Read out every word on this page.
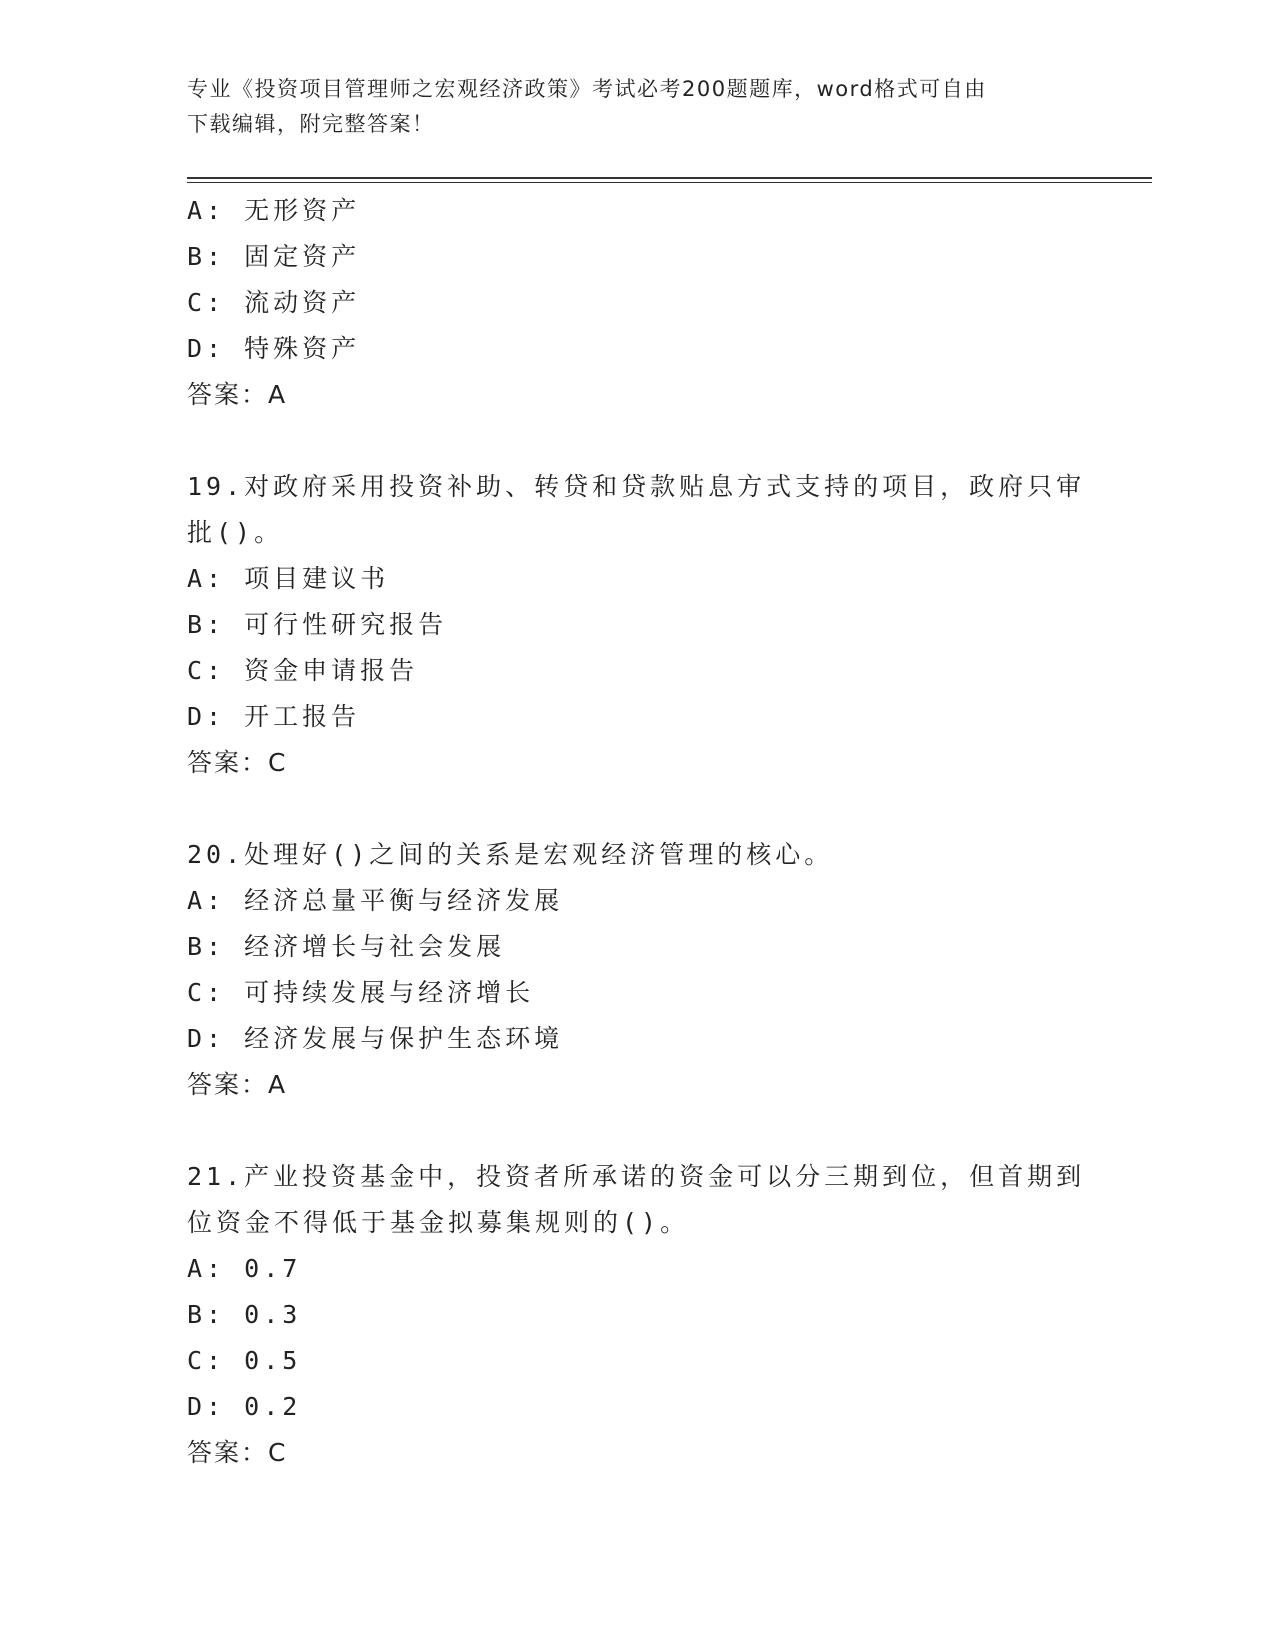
专业《投资项目管理师之宏观经济政策》考试必考200题题库，word格式可自由
下载编辑，附完整答案！
A: 无形资产
B: 固定资产
C: 流动资产
D: 特殊资产
答案：A
19.对政府采用投资补助、转贷和贷款贴息方式支持的项目，政府只审
批()。
A: 项目建议书
B: 可行性研究报告
C: 资金申请报告
D: 开工报告
答案：C
20.处理好()之间的关系是宏观经济管理的核心。
A: 经济总量平衡与经济发展
B: 经济增长与社会发展
C: 可持续发展与经济增长
D: 经济发展与保护生态环境
答案：A
21.产业投资基金中，投资者所承诺的资金可以分三期到位，但首期到
位资金不得低于基金拟募集规则的()。
A: 0.7
B: 0.3
C: 0.5
D: 0.2
答案：C
